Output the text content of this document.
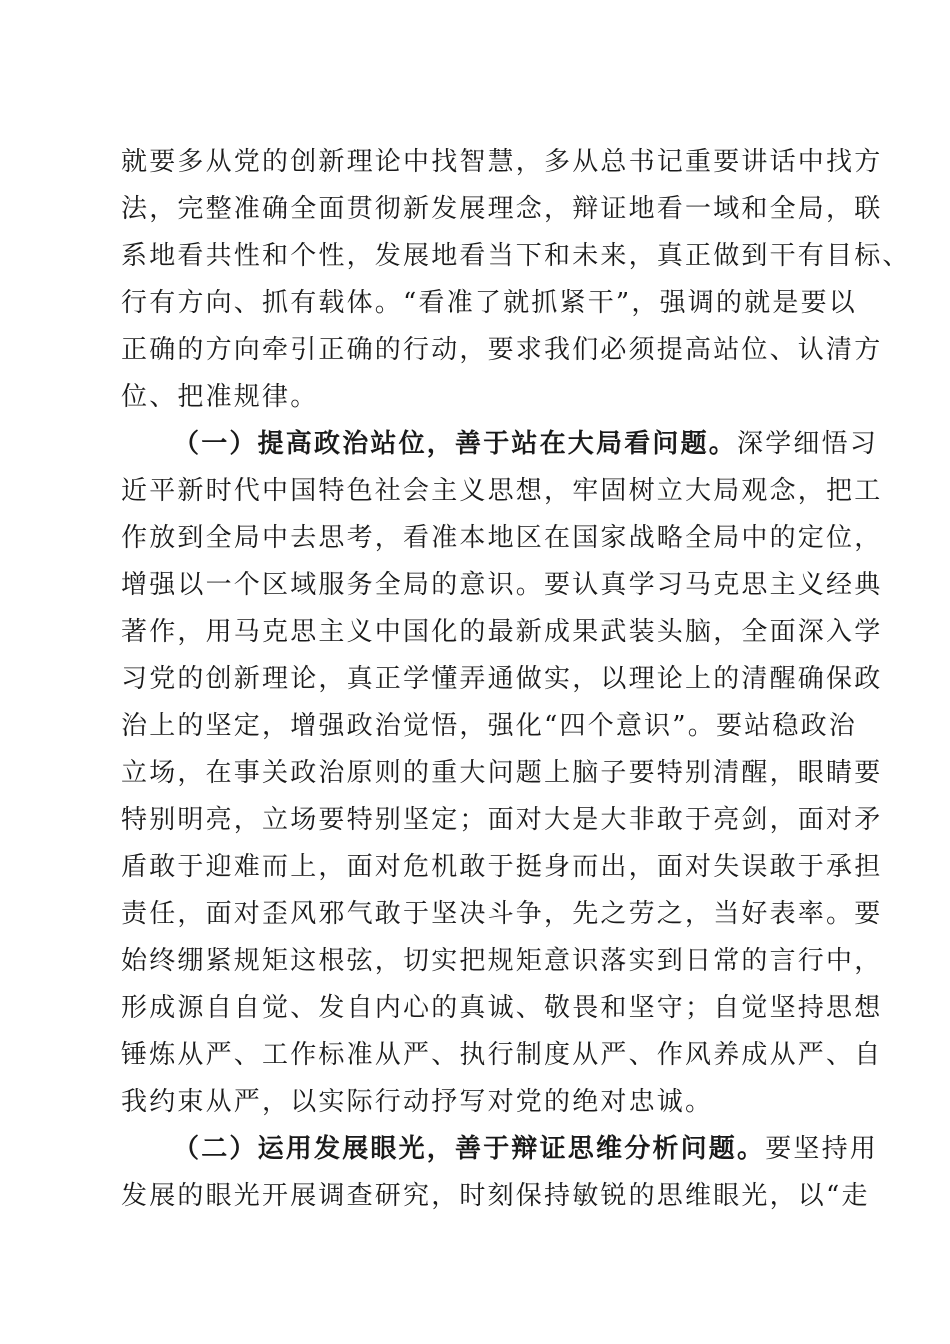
就要多从党的创新理论中找智慧，多从总书记重要讲话中找方
法，完整准确全面贯彻新发展理念，辩证地看一域和全局，联
系地看共性和个性，发展地看当下和未来，真正做到干有目标、
行有方向、抓有载体。“看准了就抓紧干”，强调的就是要以
正确的方向牵引正确的行动，要求我们必须提高站位、认清方
位、把准规律。
（一）提高政治站位，善于站在大局看问题。深学细悟习
近平新时代中国特色社会主义思想，牢固树立大局观念，把工
作放到全局中去思考，看准本地区在国家战略全局中的定位，
增强以一个区域服务全局的意识。要认真学习马克思主义经典
著作，用马克思主义中国化的最新成果武装头脑，全面深入学
习党的创新理论，真正学懂弄通做实，以理论上的清醒确保政
治上的坚定，增强政治觉悟，强化“四个意识”。要站稳政治
立场，在事关政治原则的重大问题上脑子要特别清醒，眼睛要
特别明亮，立场要特别坚定；面对大是大非敢于亮剑，面对矛
盾敢于迎难而上，面对危机敢于挺身而出，面对失误敢于承担
责任，面对歪风邪气敢于坚决斗争，先之劳之，当好表率。要
始终绷紧规矩这根弦，切实把规矩意识落实到日常的言行中，
形成源自自觉、发自内心的真诚、敬畏和坚守；自觉坚持思想
锤炼从严、工作标准从严、执行制度从严、作风养成从严、自
我约束从严，以实际行动抒写对党的绝对忠诚。
（二）运用发展眼光，善于辩证思维分析问题。要坚持用
发展的眼光开展调查研究，时刻保持敏锐的思维眼光，以“走
